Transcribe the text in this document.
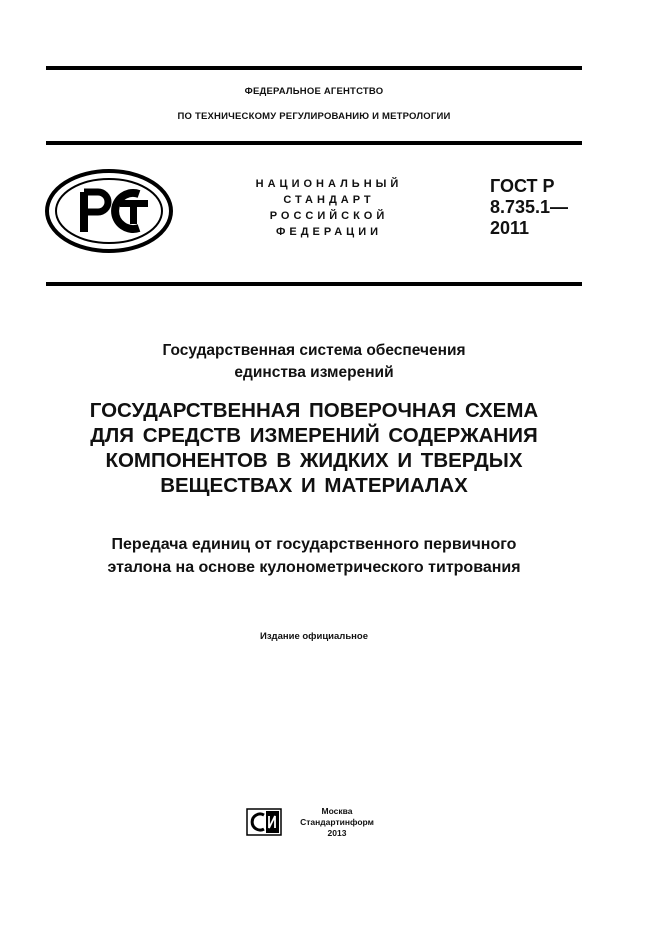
ФЕДЕРАЛЬНОЕ АГЕНТСТВО
ПО ТЕХНИЧЕСКОМУ РЕГУЛИРОВАНИЮ И МЕТРОЛОГИИ
НАЦИОНАЛЬНЫЙ
СТАНДАРТ
РОССИЙСКОЙ
ФЕДЕРАЦИИ
ГОСТ Р
8.735.1—
2011
Государственная система обеспечения
единства измерений
ГОСУДАРСТВЕННАЯ ПОВЕРОЧНАЯ СХЕМА
ДЛЯ СРЕДСТВ ИЗМЕРЕНИЙ СОДЕРЖАНИЯ
КОМПОНЕНТОВ В ЖИДКИХ И ТВЕРДЫХ
ВЕЩЕСТВАХ И МАТЕРИАЛАХ
Передача единиц от государственного первичного
эталона на основе кулонометрического титрования
Издание официальное
Москва
Стандартинформ
2013
